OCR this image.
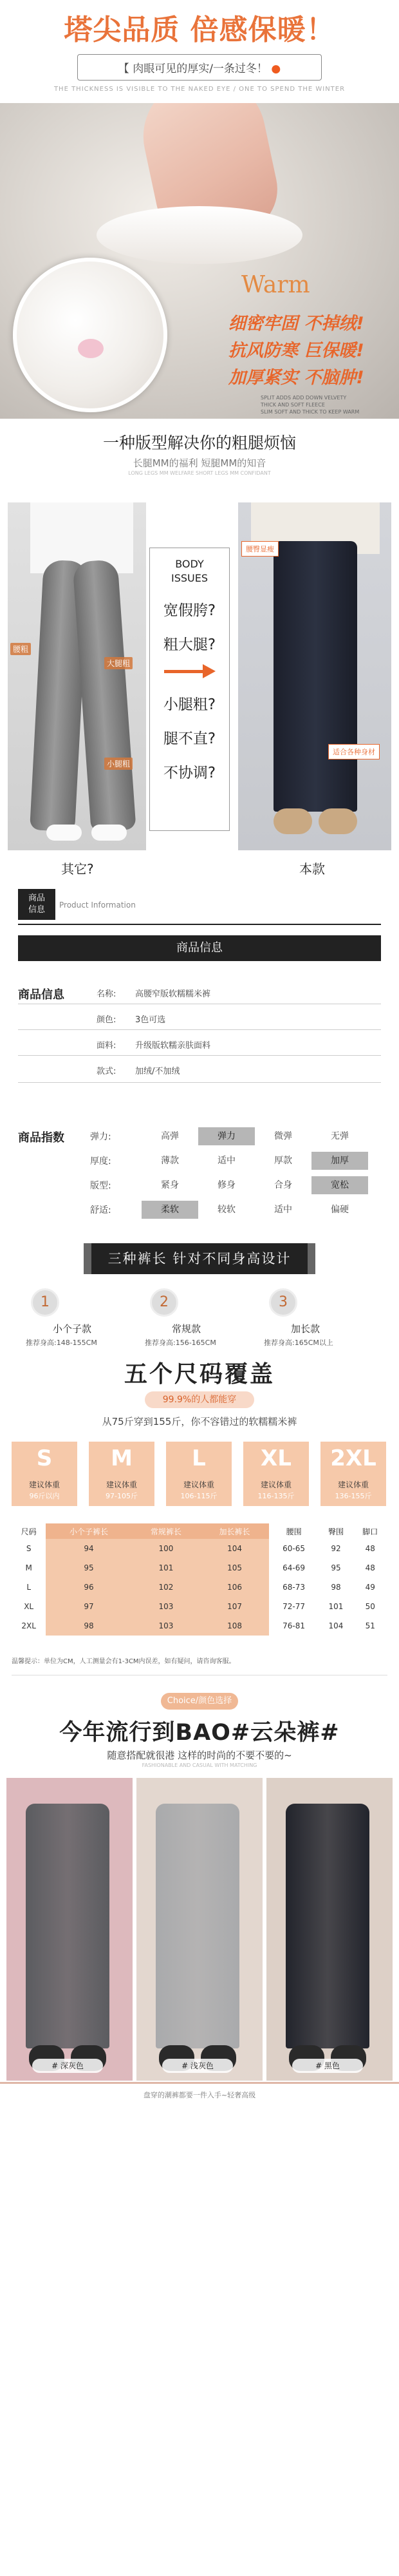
塔尖品质 倍感保暖！
【 肉眼可见的厚实/一条过冬！ ●
THE THICKNESS IS VISIBLE TO THE NAKED EYE / ONE TO SPEND THE WINTER
Warm
细密牢固 不掉绒!
抗风防寒 巨保暖!
加厚紧实 不脑肿!
SPLIT ADDS ADD DOWN VELVETY
THICK AND SOFT FLEECE
SLIM SOFT AND THICK TO KEEP WARM
一种版型解决你的粗腿烦恼
长腿MM的福利 短腿MM的知音
LONG LEGS MM WELFARE SHORT LEGS MM CONFIDANT
腰粗
大腿粗
小腿粗
BODY
ISSUES
宽假胯?
粗大腿?
小腿粗?
腿不直?
不协调?
腰臀显瘦
适合各种身材
其它?	本款
商品
信息	Product Information
商品信息
商品信息	名称: 高腰窄版软糯糯米裤
颜色: 3色可选
面料: 升级版软糯亲肤面料
款式: 加绒/不加绒
商品指数	弹力:	高弹	弹力	微弹	无弹
厚度:	薄款	适中	厚款	加厚
版型:	紧身	修身	合身	宽松
舒适:	柔软	较软	适中	偏硬
三种裤长 针对不同身高设计
1
小个子款
推荐身高:148-155CM
2
常规款
推荐身高:156-165CM
3
加长款
推荐身高:165CM以上
五个尺码覆盖
99.9%的人都能穿
从75斤穿到155斤，你不容错过的软糯糯米裤
S
建议体重
96斤以内
M
建议体重
97-105斤
L
建议体重
106-115斤
XL
建议体重
116-135斤
2XL
建议体重
136-155斤
尺码	小个子裤长	常规裤长	加长裤长	腰围	臀围	脚口
S	94	100	104	60-65	92	48
M	95	101	105	64-69	95	48
L	96	102	106	68-73	98	49
XL	97	103	107	72-77	101	50
2XL	98	103	108	76-81	104	51
温馨提示：单位为CM，人工测量会有1-3CM内误差，如有疑问，请咨询客服。
Choice/颜色选择
今年流行到BAO#云朵裤#
随意搭配就很港 这样的时尚的不要不要的~
FASHIONABLE AND CASUAL WITH MATCHING
# 深灰色	# 浅灰色	# 黑色
盘穿的潮裤都要一件入手~轻奢高级
